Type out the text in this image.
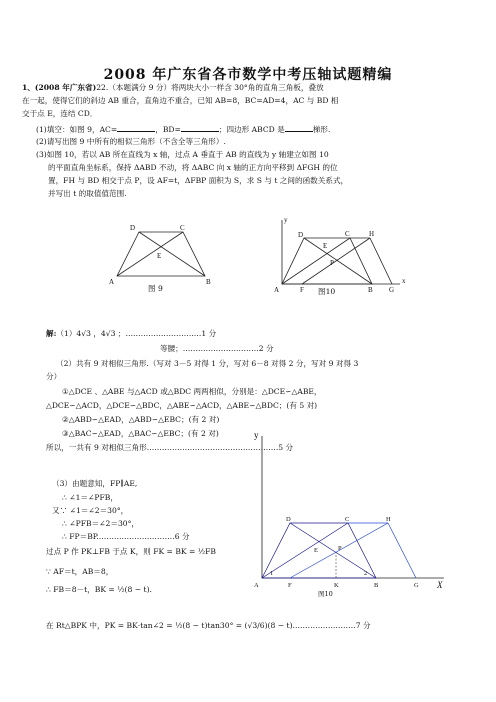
2008 年广东省各市数学中考压轴试题精编
1、(2008 年广东省)22.（本题满分 9 分）将两块大小一样含 30°角的直角三角板，叠放
在一起，使得它们的斜边 AB 重合，直角边不重合，已知 AB=8，BC=AD=4，AC 与 BD 相
交于点 E，连结 CD．
(1)填空：如图 9，AC=	，BD=	；四边形 ABCD 是	梯形.
(2)请写出图 9 中所有的相似三角形（不含全等三角形）.
(3)如图 10，若以 AB 所在直线为 x 轴，过点 A 垂直于 AB 的直线为 y 轴建立如图 10
的平面直角坐标系，保持 ΔABD 不动，将 ΔABC 向 x 轴的正方向平移到 ΔFGH 的位
置，FH 与 BD 相交于点 P，设 AF=t，ΔFBP 面积为 S，求 S 与 t 之间的函数关系式，
并写出 t 的取值值范围.
A	B
C
D
E
图 9
y
x
A	F	B G
D	C	H
E
P
图10
解:（1）4√3 ，4√3 ；…………………………1 分
等腰；…………………………2 分
（2）共有 9 对相似三角形.（写对 3－5 对得 1 分，写对 6－8 对得 2 分，写对 9 对得 3
分）
①△DCE 、△ABE 与△ACD 或△BDC 两两相似，分别是：△DCE∽△ABE，
△DCE∽△ACD，△DCE∽△BDC，△ABE∽△ACD，△ABE∽△BDC；(有 5 对)
②△ABD∽△EAD，△ABD∽△EBC；(有 2 对)
③△BAC∽△EAD，△BAC∽△EBC；(有 2 对)
所以，一共有 9 对相似三角形.……………………………………………5 分
（3）由题意知，FP∥AE,
∴ ∠1＝∠PFB，
又∵ ∠1＝∠2＝30°，
∴ ∠PFB＝∠2＝30°，
∴ FP＝BP.…………………………6 分
过点 P 作 PK⊥FB 于点 K，则 FK = BK = ½FB
∵ AF＝t，AB＝8，
∴ FB＝8－t，BK = ½(8 − t).
在 Rt△BPK 中，PK = BK·tan∠2 = ½(8 − t)tan30° = (√3/6)(8 − t).……………………7 分
y
X
A	F	K	B	G
D	C	H
E	P
1	2
图10
